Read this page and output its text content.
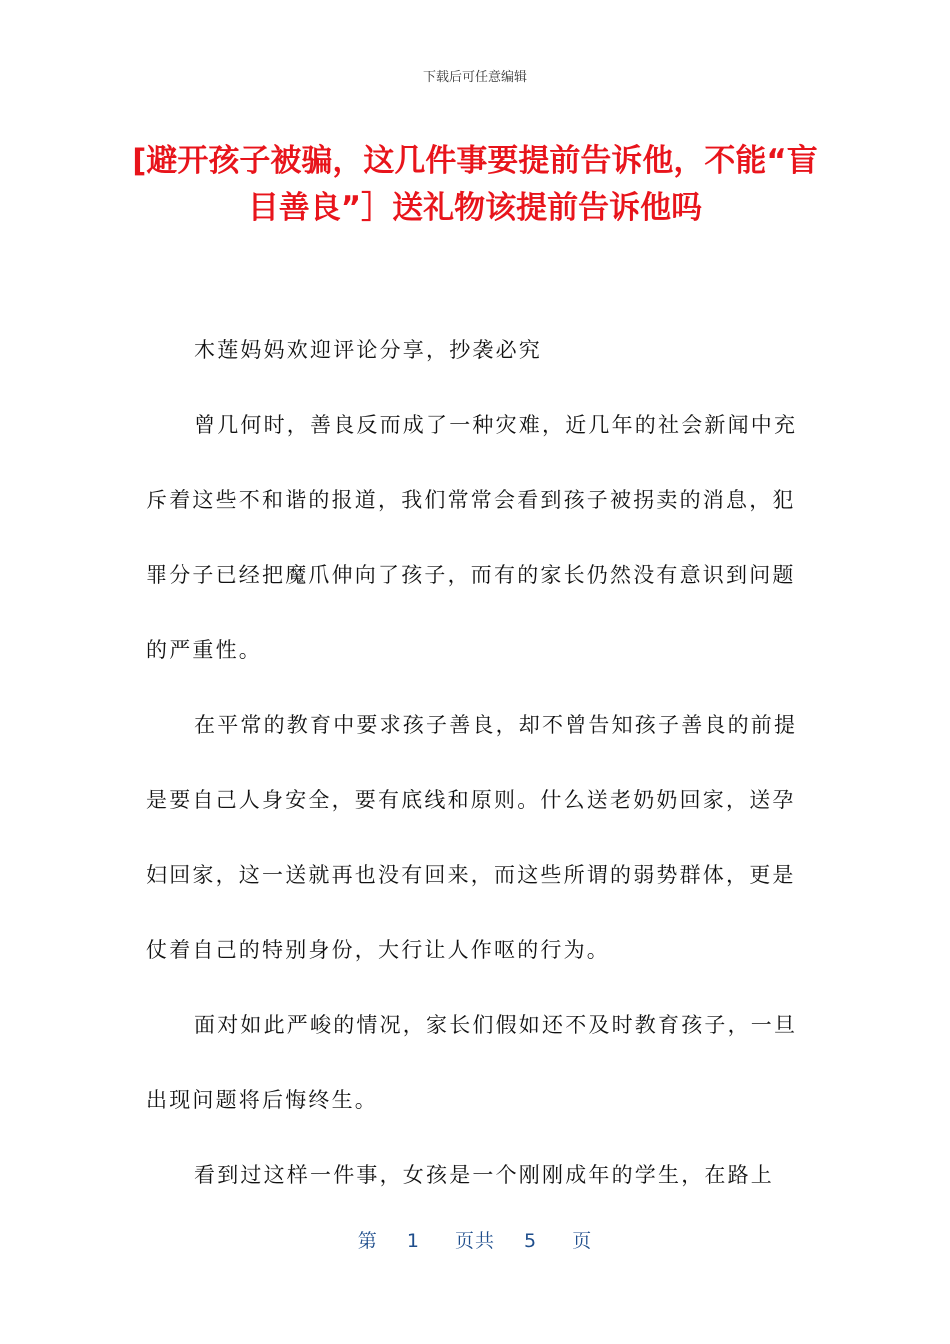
下载后可任意编辑
[避开孩子被骗，这几件事要提前告诉他，不能“盲目善良”］送礼物该提前告诉他吗

木莲妈妈欢迎评论分享，抄袭必究

曾几何时，善良反而成了一种灾难，近几年的社会新闻中充斥着这些不和谐的报道，我们常常会看到孩子被拐卖的消息，犯罪分子已经把魔爪伸向了孩子，而有的家长仍然没有意识到问题的严重性。

在平常的教育中要求孩子善良，却不曾告知孩子善良的前提是要自己人身安全，要有底线和原则。什么送老奶奶回家，送孕妇回家，这一送就再也没有回来，而这些所谓的弱势群体，更是仗着自己的特别身份，大行让人作呕的行为。

面对如此严峻的情况，家长们假如还不及时教育孩子，一旦出现问题将后悔终生。

看到过这样一件事，女孩是一个刚刚成年的学生，在路上

第 1 页共 5 页
